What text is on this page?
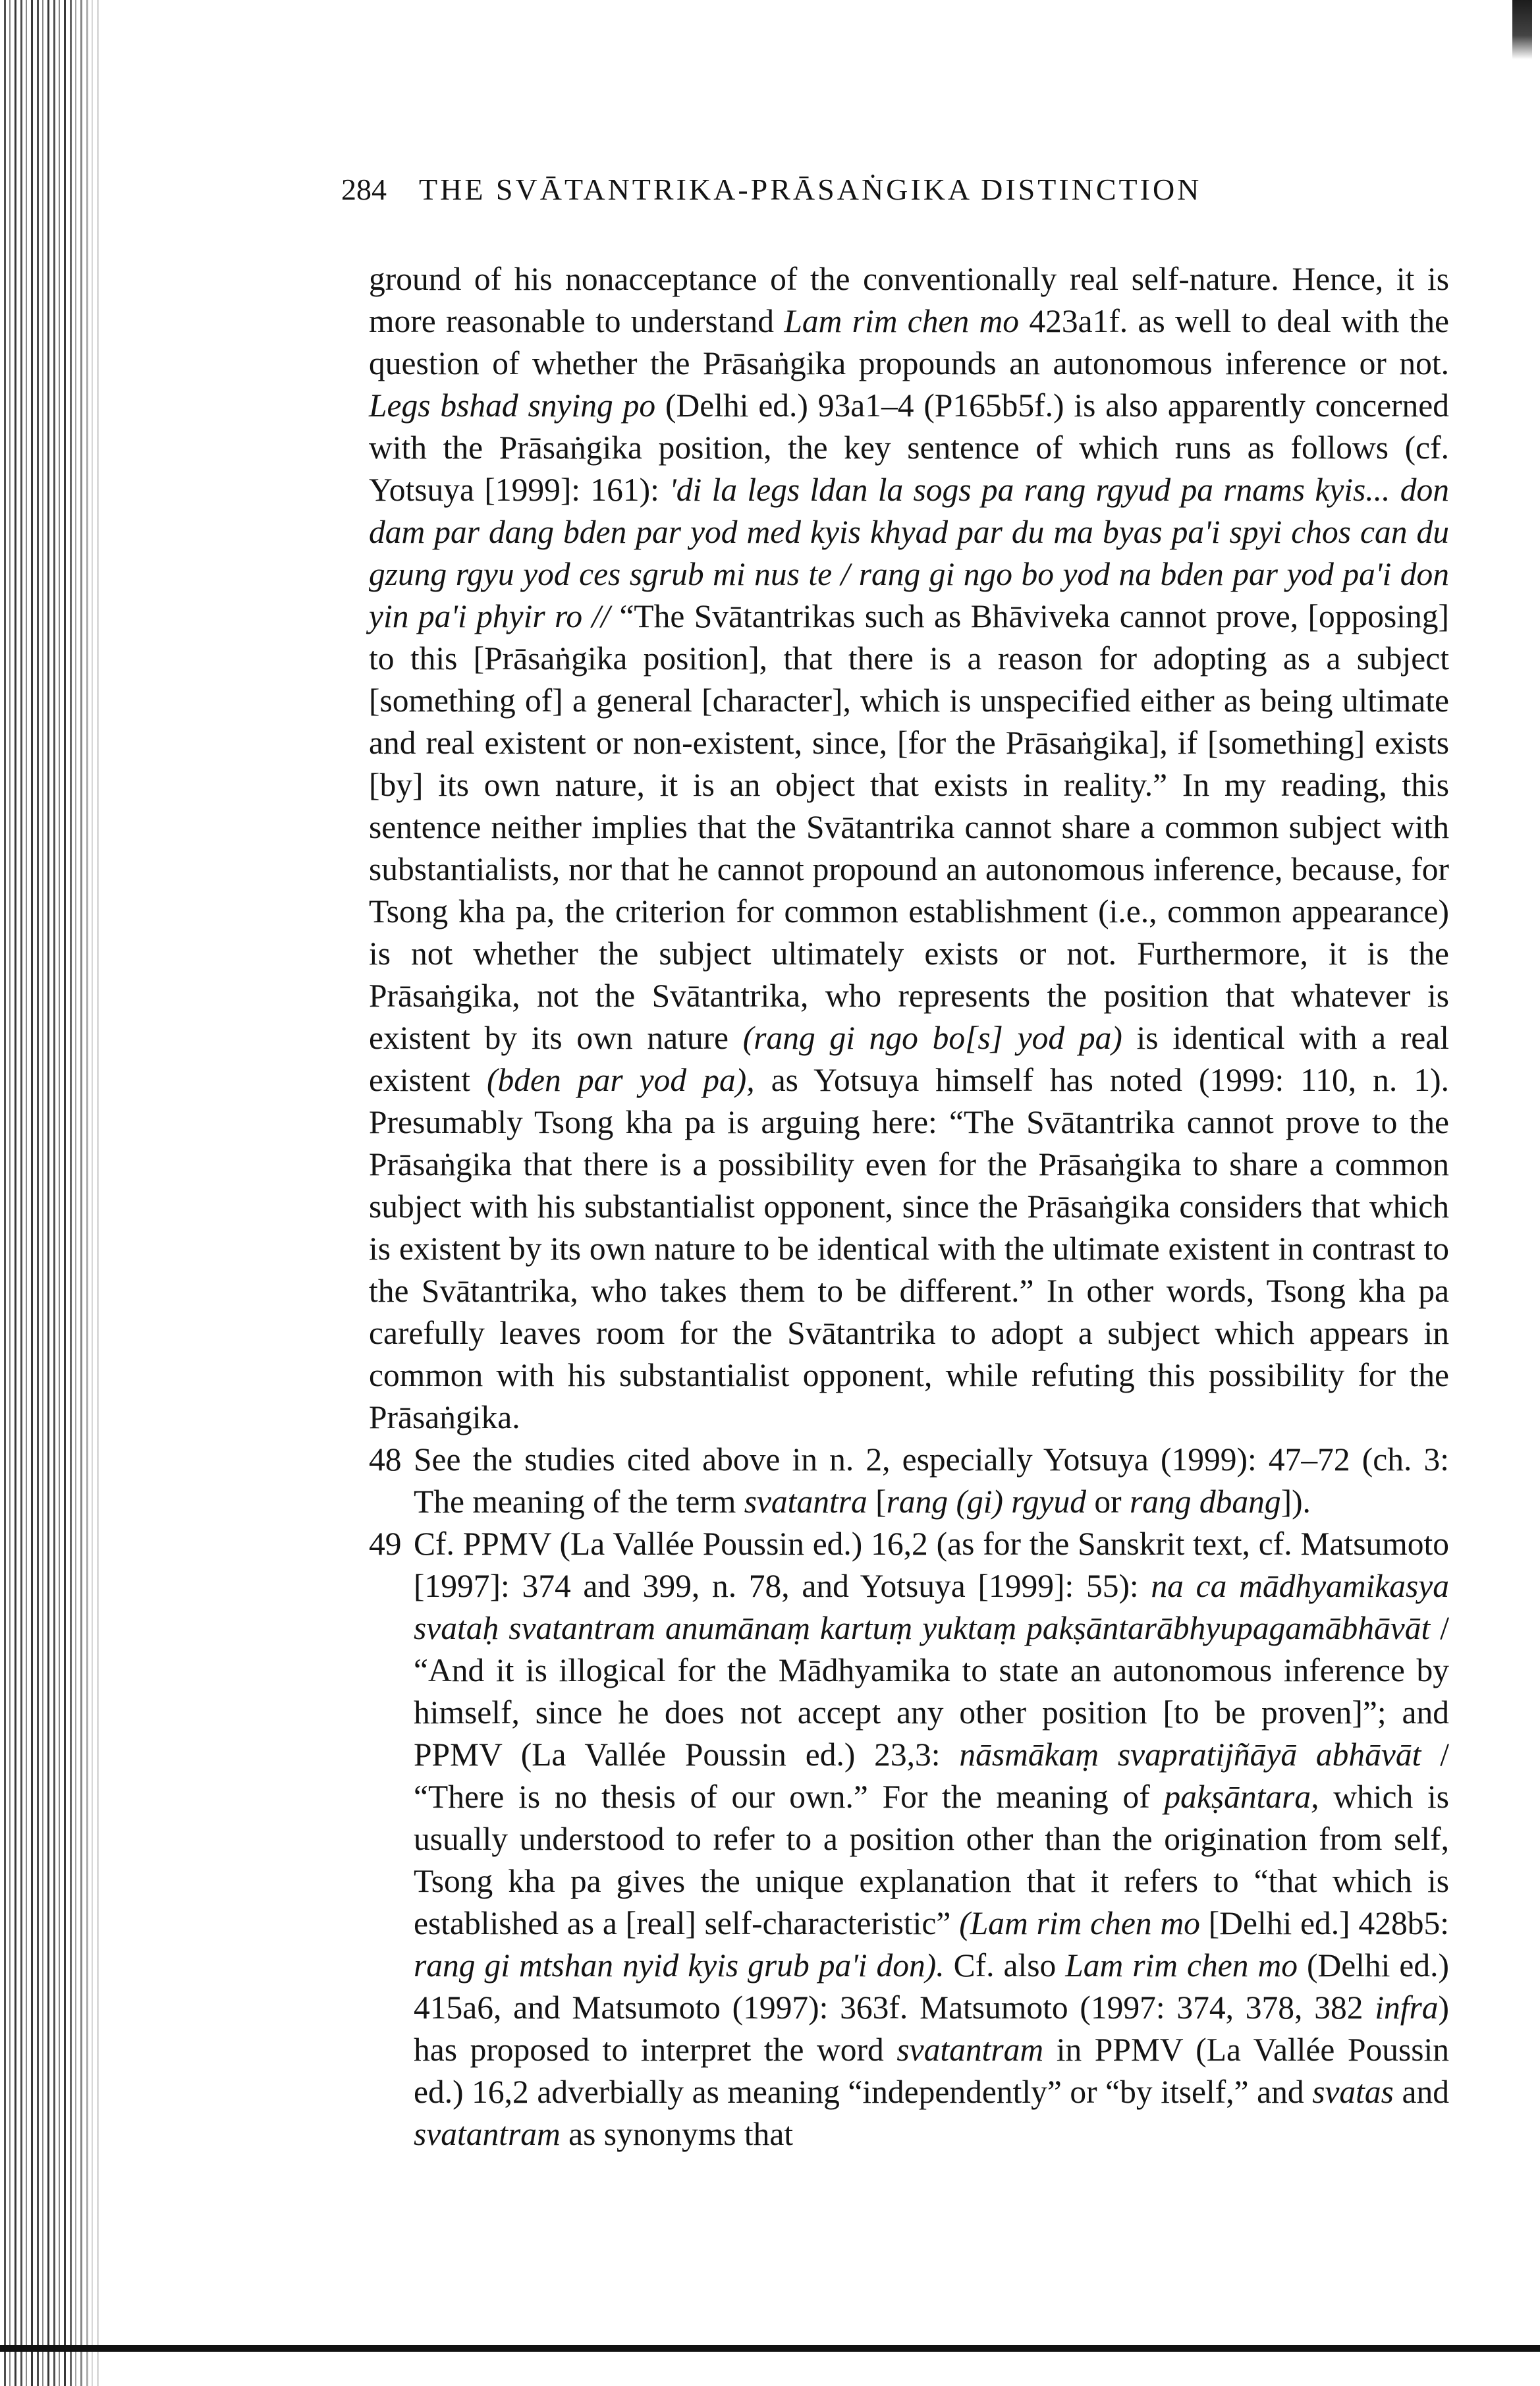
284 THE SVĀTANTRIKA-PRĀSAṄGIKA DISTINCTION

ground of his nonacceptance of the conventionally real self-nature. Hence, it is more reasonable to understand Lam rim chen mo 423a1f. as well to deal with the question of whether the Prāsaṅgika propounds an autonomous inference or not. Legs bshad snying po (Delhi ed.) 93a1–4 (P165b5f.) is also apparently concerned with the Prāsaṅgika position, the key sentence of which runs as follows (cf. Yotsuya [1999]: 161): 'di la legs ldan la sogs pa rang rgyud pa rnams kyis... don dam par dang bden par yod med kyis khyad par du ma byas pa'i spyi chos can du gzung rgyu yod ces sgrub mi nus te / rang gi ngo bo yod na bden par yod pa'i don yin pa'i phyir ro // “The Svātantrikas such as Bhāviveka cannot prove, [opposing] to this [Prāsaṅgika position], that there is a reason for adopting as a subject [something of] a general [character], which is unspecified either as being ultimate and real existent or non-existent, since, [for the Prāsaṅgika], if [something] exists [by] its own nature, it is an object that exists in reality.” In my reading, this sentence neither implies that the Svātantrika cannot share a common subject with substantialists, nor that he cannot propound an autonomous inference, because, for Tsong kha pa, the criterion for common establishment (i.e., common appearance) is not whether the subject ultimately exists or not. Furthermore, it is the Prāsaṅgika, not the Svātantrika, who represents the position that whatever is existent by its own nature (rang gi ngo bo[s] yod pa) is identical with a real existent (bden par yod pa), as Yotsuya himself has noted (1999: 110, n. 1). Presumably Tsong kha pa is arguing here: “The Svātantrika cannot prove to the Prāsaṅgika that there is a possibility even for the Prāsaṅgika to share a common subject with his substantialist opponent, since the Prāsaṅgika considers that which is existent by its own nature to be identical with the ultimate existent in contrast to the Svātantrika, who takes them to be different.” In other words, Tsong kha pa carefully leaves room for the Svātantrika to adopt a subject which appears in common with his substantialist opponent, while refuting this possibility for the Prāsaṅgika.

48 See the studies cited above in n. 2, especially Yotsuya (1999): 47–72 (ch. 3: The meaning of the term svatantra [rang (gi) rgyud or rang dbang]).

49 Cf. PPMV (La Vallée Poussin ed.) 16,2 (as for the Sanskrit text, cf. Matsumoto [1997]: 374 and 399, n. 78, and Yotsuya [1999]: 55): na ca mādhyamikasya svataḥ svatantram anumānaṃ kartuṃ yuktaṃ pakṣāntarābhyupagamābhāvāt / “And it is illogical for the Mādhyamika to state an autonomous inference by himself, since he does not accept any other position [to be proven]”; and PPMV (La Vallée Poussin ed.) 23,3: nāsmākaṃ svapratijñāyā abhāvāt / “There is no thesis of our own.” For the meaning of pakṣāntara, which is usually understood to refer to a position other than the origination from self, Tsong kha pa gives the unique explanation that it refers to “that which is established as a [real] self-characteristic” (Lam rim chen mo [Delhi ed.] 428b5: rang gi mtshan nyid kyis grub pa'i don). Cf. also Lam rim chen mo (Delhi ed.) 415a6, and Matsumoto (1997): 363f. Matsumoto (1997: 374, 378, 382 infra) has proposed to interpret the word svatantram in PPMV (La Vallée Poussin ed.) 16,2 adverbially as meaning “independently” or “by itself,” and svatas and svatantram as synonyms that
